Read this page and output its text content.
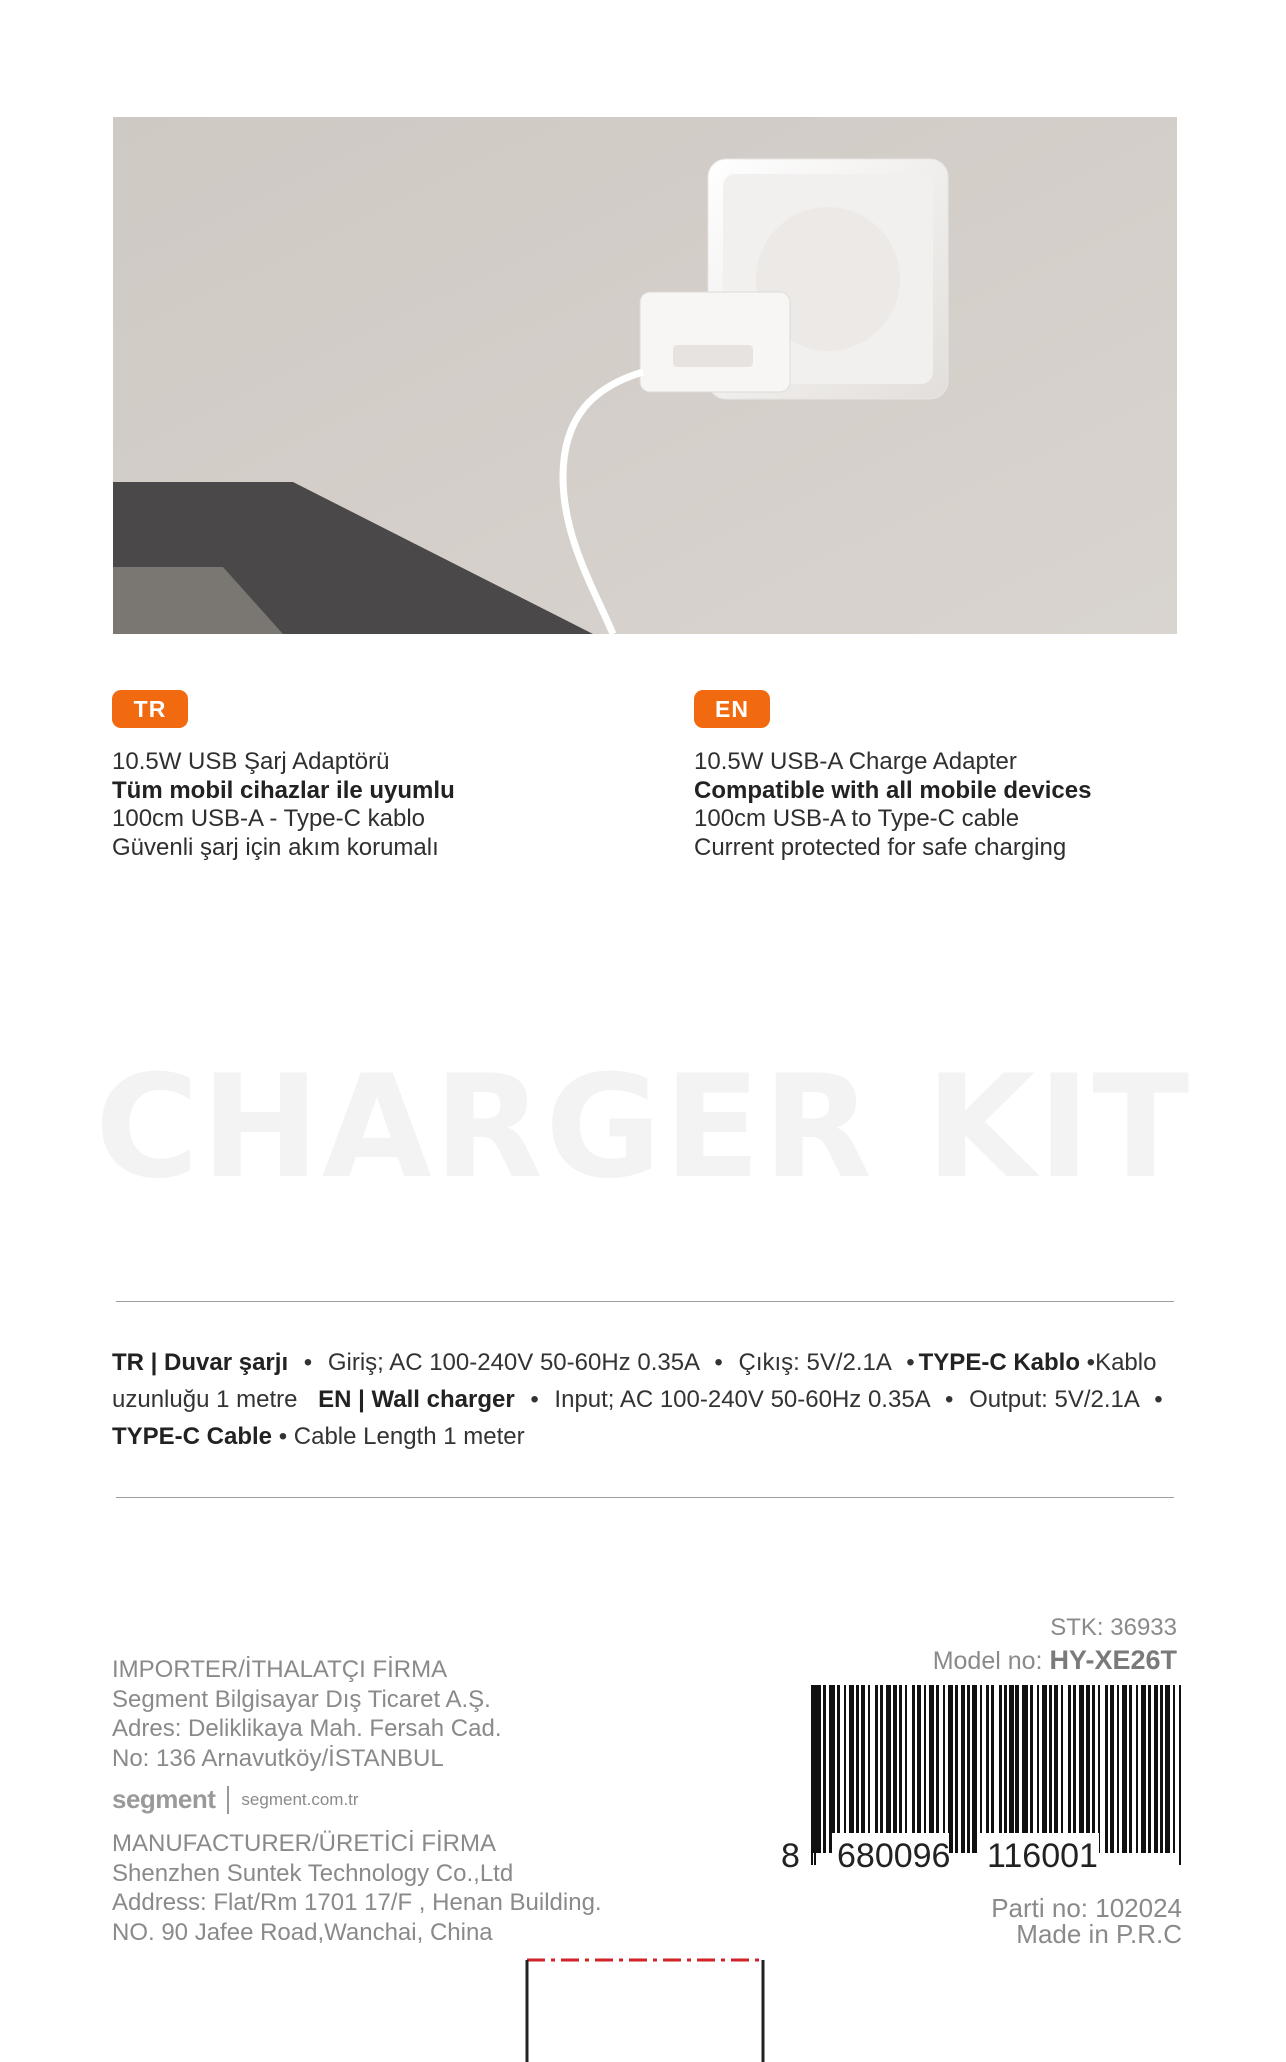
TR
10.5W USB Şarj Adaptörü
Tüm mobil cihazlar ile uyumlu
100cm USB-A - Type-C kablo
Güvenli şarj için akım korumalı
EN
10.5W USB-A Charge Adapter
Compatible with all mobile devices
100cm USB-A to Type-C cable
Current protected for safe charging
CHARGER KIT
TR | Duvar şarjı • Giriş; AC 100-240V 50-60Hz 0.35A • Çıkış: 5V/2.1A • TYPE-C Kablo •Kablo uzunluğu 1 metre EN | Wall charger • Input; AC 100-240V 50-60Hz 0.35A • Output: 5V/2.1A • TYPE-C Cable • Cable Length 1 meter
IMPORTER/İTHALATÇI FİRMA
Segment Bilgisayar Dış Ticaret A.Ş.
Adres: Deliklikaya Mah. Fersah Cad.
No: 136 Arnavutköy/İSTANBUL
segment segment.com.tr
MANUFACTURER/ÜRETİCİ FİRMA
Shenzhen Suntek Technology Co.,Ltd
Address: Flat/Rm 1701 17/F , Henan Building.
NO. 90 Jafee Road,Wanchai, China
STK: 36933
Model no: HY-XE26T
8 680096 116001
Parti no: 102024
Made in P.R.C
